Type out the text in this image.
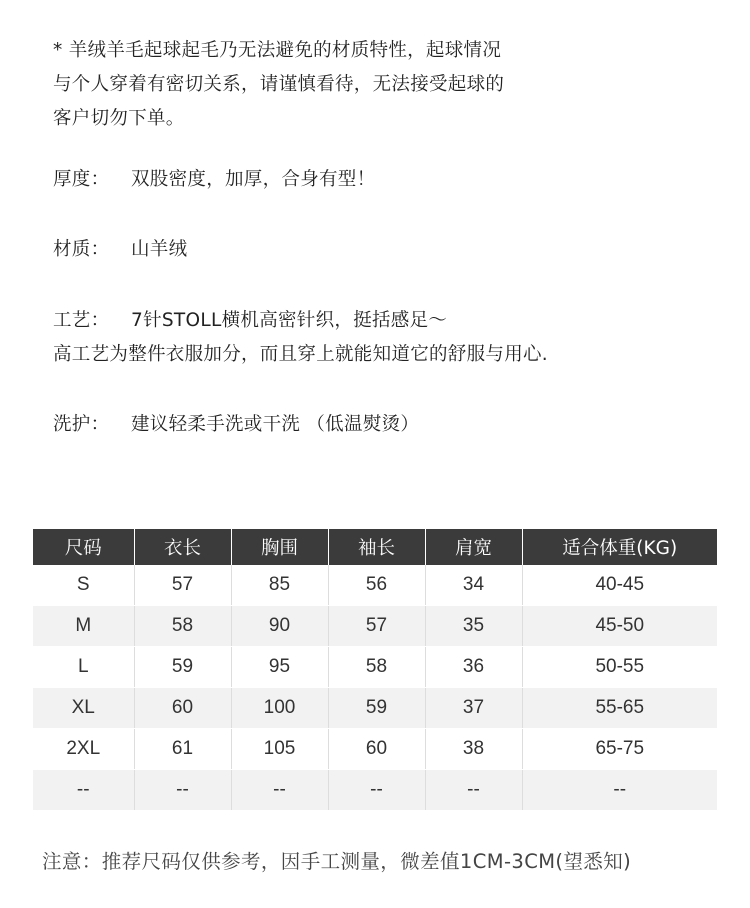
* 羊绒羊毛起球起毛乃无法避免的材质特性，起球情况
与个人穿着有密切关系，请谨慎看待，无法接受起球的
客户切勿下单。
厚度： 双股密度，加厚，合身有型！
材质： 山羊绒
工艺： 7针STOLL横机高密针织，挺括感足～
高工艺为整件衣服加分，而且穿上就能知道它的舒服与用心.
洗护： 建议轻柔手洗或干洗 （低温熨烫）
尺码	衣长	胸围	袖长	肩宽	适合体重(KG)
S	57	85	56	34	40-45
M	58	90	57	35	45-50
L	59	95	58	36	50-55
XL	60	100	59	37	55-65
2XL	61	105	60	38	65-75
--	--	--	--	--	--
注意：推荐尺码仅供参考，因手工测量，微差值1CM-3CM(望悉知)
